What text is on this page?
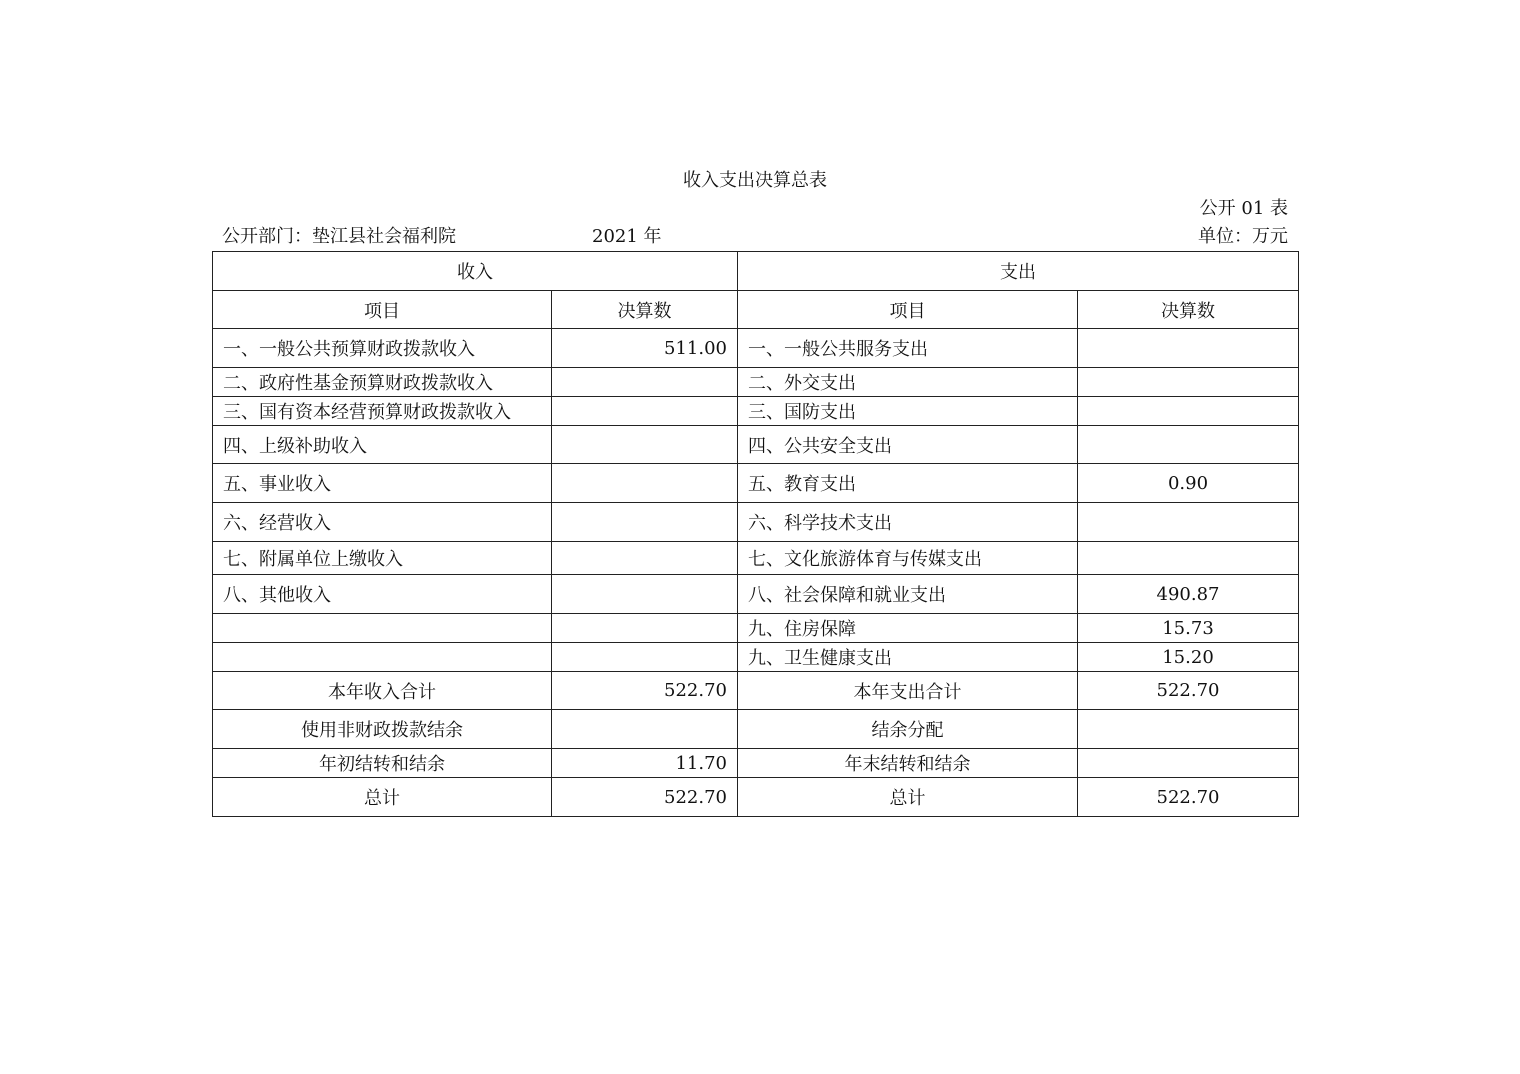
收入支出决算总表
公开 01 表
公开部门：垫江县社会福利院	2021 年	单位：万元
收入		支出	
项目	决算数	项目	决算数
一、一般公共预算财政拨款收入	511.00	一、一般公共服务支出	
二、政府性基金预算财政拨款收入		二、外交支出	
三、国有资本经营预算财政拨款收入		三、国防支出	
四、上级补助收入		四、公共安全支出	
五、事业收入		五、教育支出	0.90
六、经营收入		六、科学技术支出	
七、附属单位上缴收入		七、文化旅游体育与传媒支出	
八、其他收入		八、社会保障和就业支出	490.87
		九、住房保障	15.73
		九、卫生健康支出	15.20
本年收入合计	522.70	本年支出合计	522.70
使用非财政拨款结余		结余分配	
年初结转和结余	11.70	年末结转和结余	
总计	522.70	总计	522.70
